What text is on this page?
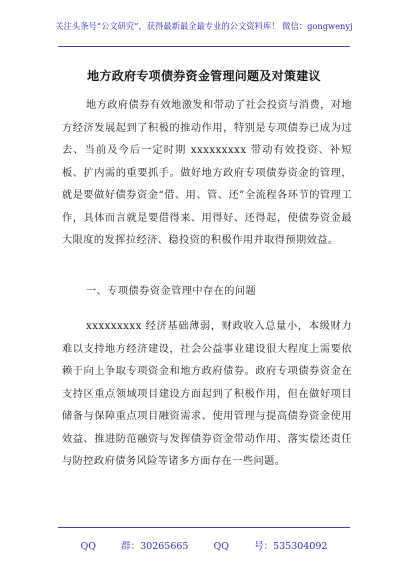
关注头条号“公文研究”，获得最新最全最专业的公文资料库！ 微信：gongwenyj
地方政府专项债券资金管理问题及对策建议

地方政府债券有效地激发和带动了社会投资与消费，对地方经济发展起到了积极的推动作用，特别是专项债券已成为过去、当前及今后一定时期 xxxxxxxxx 带动有效投资、补短板、扩内需的重要抓手。做好地方政府专项债券资金的管理，就是要做好债券资金“借、用、管、还”全流程各环节的管理工作，具体而言就是要借得来、用得好、还得起，使债券资金最大限度的发挥拉经济、稳投资的积极作用并取得预期效益。

一、专项债券资金管理中存在的问题

xxxxxxxxx 经济基础薄弱，财政收入总量小，本级财力难以支持地方经济建设，社会公益事业建设很大程度上需要依赖于向上争取专项资金和地方政府债券。政府专项债券资金在支持区重点领域项目建设方面起到了积极作用，但在做好项目储备与保障重点项目融资需求、使用管理与提高债券资金使用效益、推进防范融资与发挥债券资金带动作用、落实偿还责任与防控政府债务风险等诸多方面存在一些问题。

QQ 群：30265665 QQ 号：535304092
